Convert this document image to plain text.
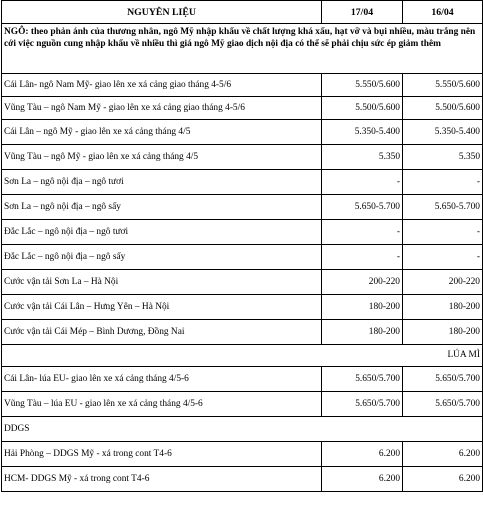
NGUYÊN LIỆU	17/04	16/04
NGÔ: theo phản ánh của thương nhân, ngô Mỹ nhập khẩu về chất lượng khá xấu, hạt vỡ và bụi nhiều, màu trắng nên cới việc nguồn cung nhập khẩu về nhiều thì giá ngô Mỹ giao dịch nội địa có thể sẽ phải chịu sức ép giảm thêm		
Cái Lân- ngô Nam Mỹ- giao lên xe xá cảng giao tháng 4-5/6	5.550/5.600	5.550/5.600
Vũng Tàu – ngô Nam Mỹ - giao lên xe xá cảng giao tháng 4-5/6	5.500/5.600	5.500/5.600
Cái Lân – ngô Mỹ - giao lên xe xá cảng tháng 4/5	5.350-5.400	5.350-5.400
Vũng Tàu – ngô Mỹ - giao lên xe xá cảng tháng 4/5	5.350	5.350
Sơn La – ngô nội địa – ngô tươi	-	-
Sơn La – ngô nội địa – ngô sấy	5.650-5.700	5.650-5.700
Đắc Lắc – ngô nội địa – ngô tươi	-	-
Đắc Lắc – ngô nội địa – ngô sấy	-	-
Cước vận tải Sơn La – Hà Nội	200-220	200-220
Cước vận tải Cái Lân – Hưng Yên – Hà Nội	180-200	180-200
Cước vận tải Cái Mép – Bình Dương, Đồng Nai	180-200	180-200
LÚA MÌ		
Cái Lân- lúa EU- giao lên xe xá cảng tháng 4/5-6	5.650/5.700	5.650/5.700
Vũng Tàu – lúa EU - giao lên xe xá cảng tháng 4/5-6	5.650/5.700	5.650/5.700
DDGS		
Hải Phòng – DDGS Mỹ - xá trong cont T4-6	6.200	6.200
HCM- DDGS Mỹ - xá trong cont T4-6	6.200	6.200
